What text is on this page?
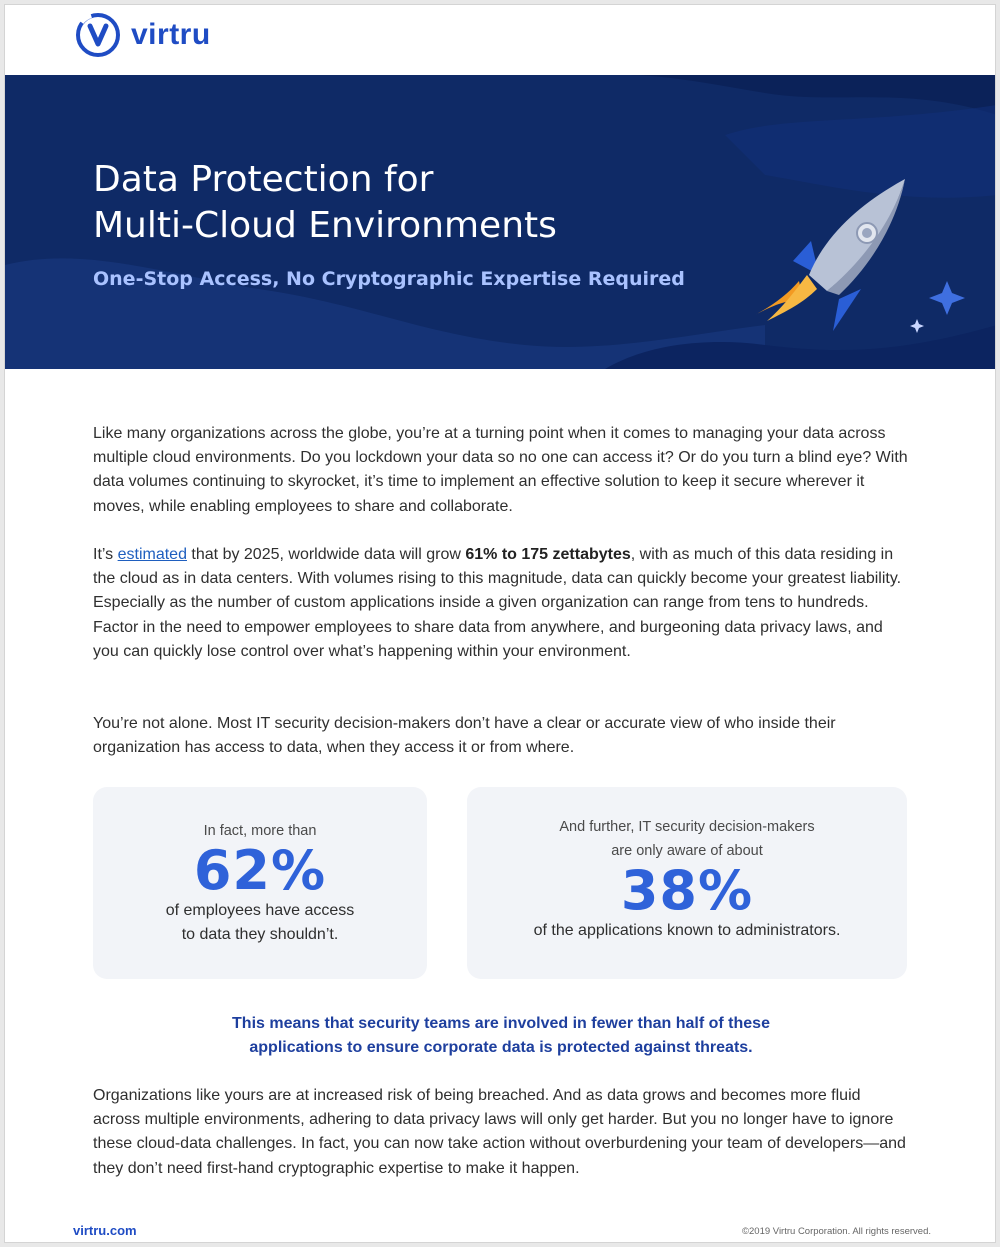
virtru
Data Protection for
Multi-Cloud Environments

One-Stop Access, No Cryptographic Expertise Required

Like many organizations across the globe, you’re at a turning point when it comes to managing your data across multiple cloud environments. Do you lockdown your data so no one can access it? Or do you turn a blind eye? With data volumes continuing to skyrocket, it’s time to implement an effective solution to keep it secure wherever it moves, while enabling employees to share and collaborate.

It’s estimated that by 2025, worldwide data will grow 61% to 175 zettabytes, with as much of this data residing in the cloud as in data centers. With volumes rising to this magnitude, data can quickly become your greatest liability. Especially as the number of custom applications inside a given organization can range from tens to hundreds. Factor in the need to empower employees to share data from anywhere, and burgeoning data privacy laws, and you can quickly lose control over what’s happening within your environment.

You’re not alone. Most IT security decision-makers don’t have a clear or accurate view of who inside their organization has access to data, when they access it or from where.

In fact, more than
62%
of employees have access
to data they shouldn’t.
And further, IT security decision-makers
are only aware of about
38%
of the applications known to administrators.

This means that security teams are involved in fewer than half of these
applications to ensure corporate data is protected against threats.

Organizations like yours are at increased risk of being breached. And as data grows and becomes more fluid across multiple environments, adhering to data privacy laws will only get harder. But you no longer have to ignore these cloud-data challenges. In fact, you can now take action without overburdening your team of developers—and they don’t need first-hand cryptographic expertise to make it happen.

virtru.com	©2019 Virtru Corporation. All rights reserved.
